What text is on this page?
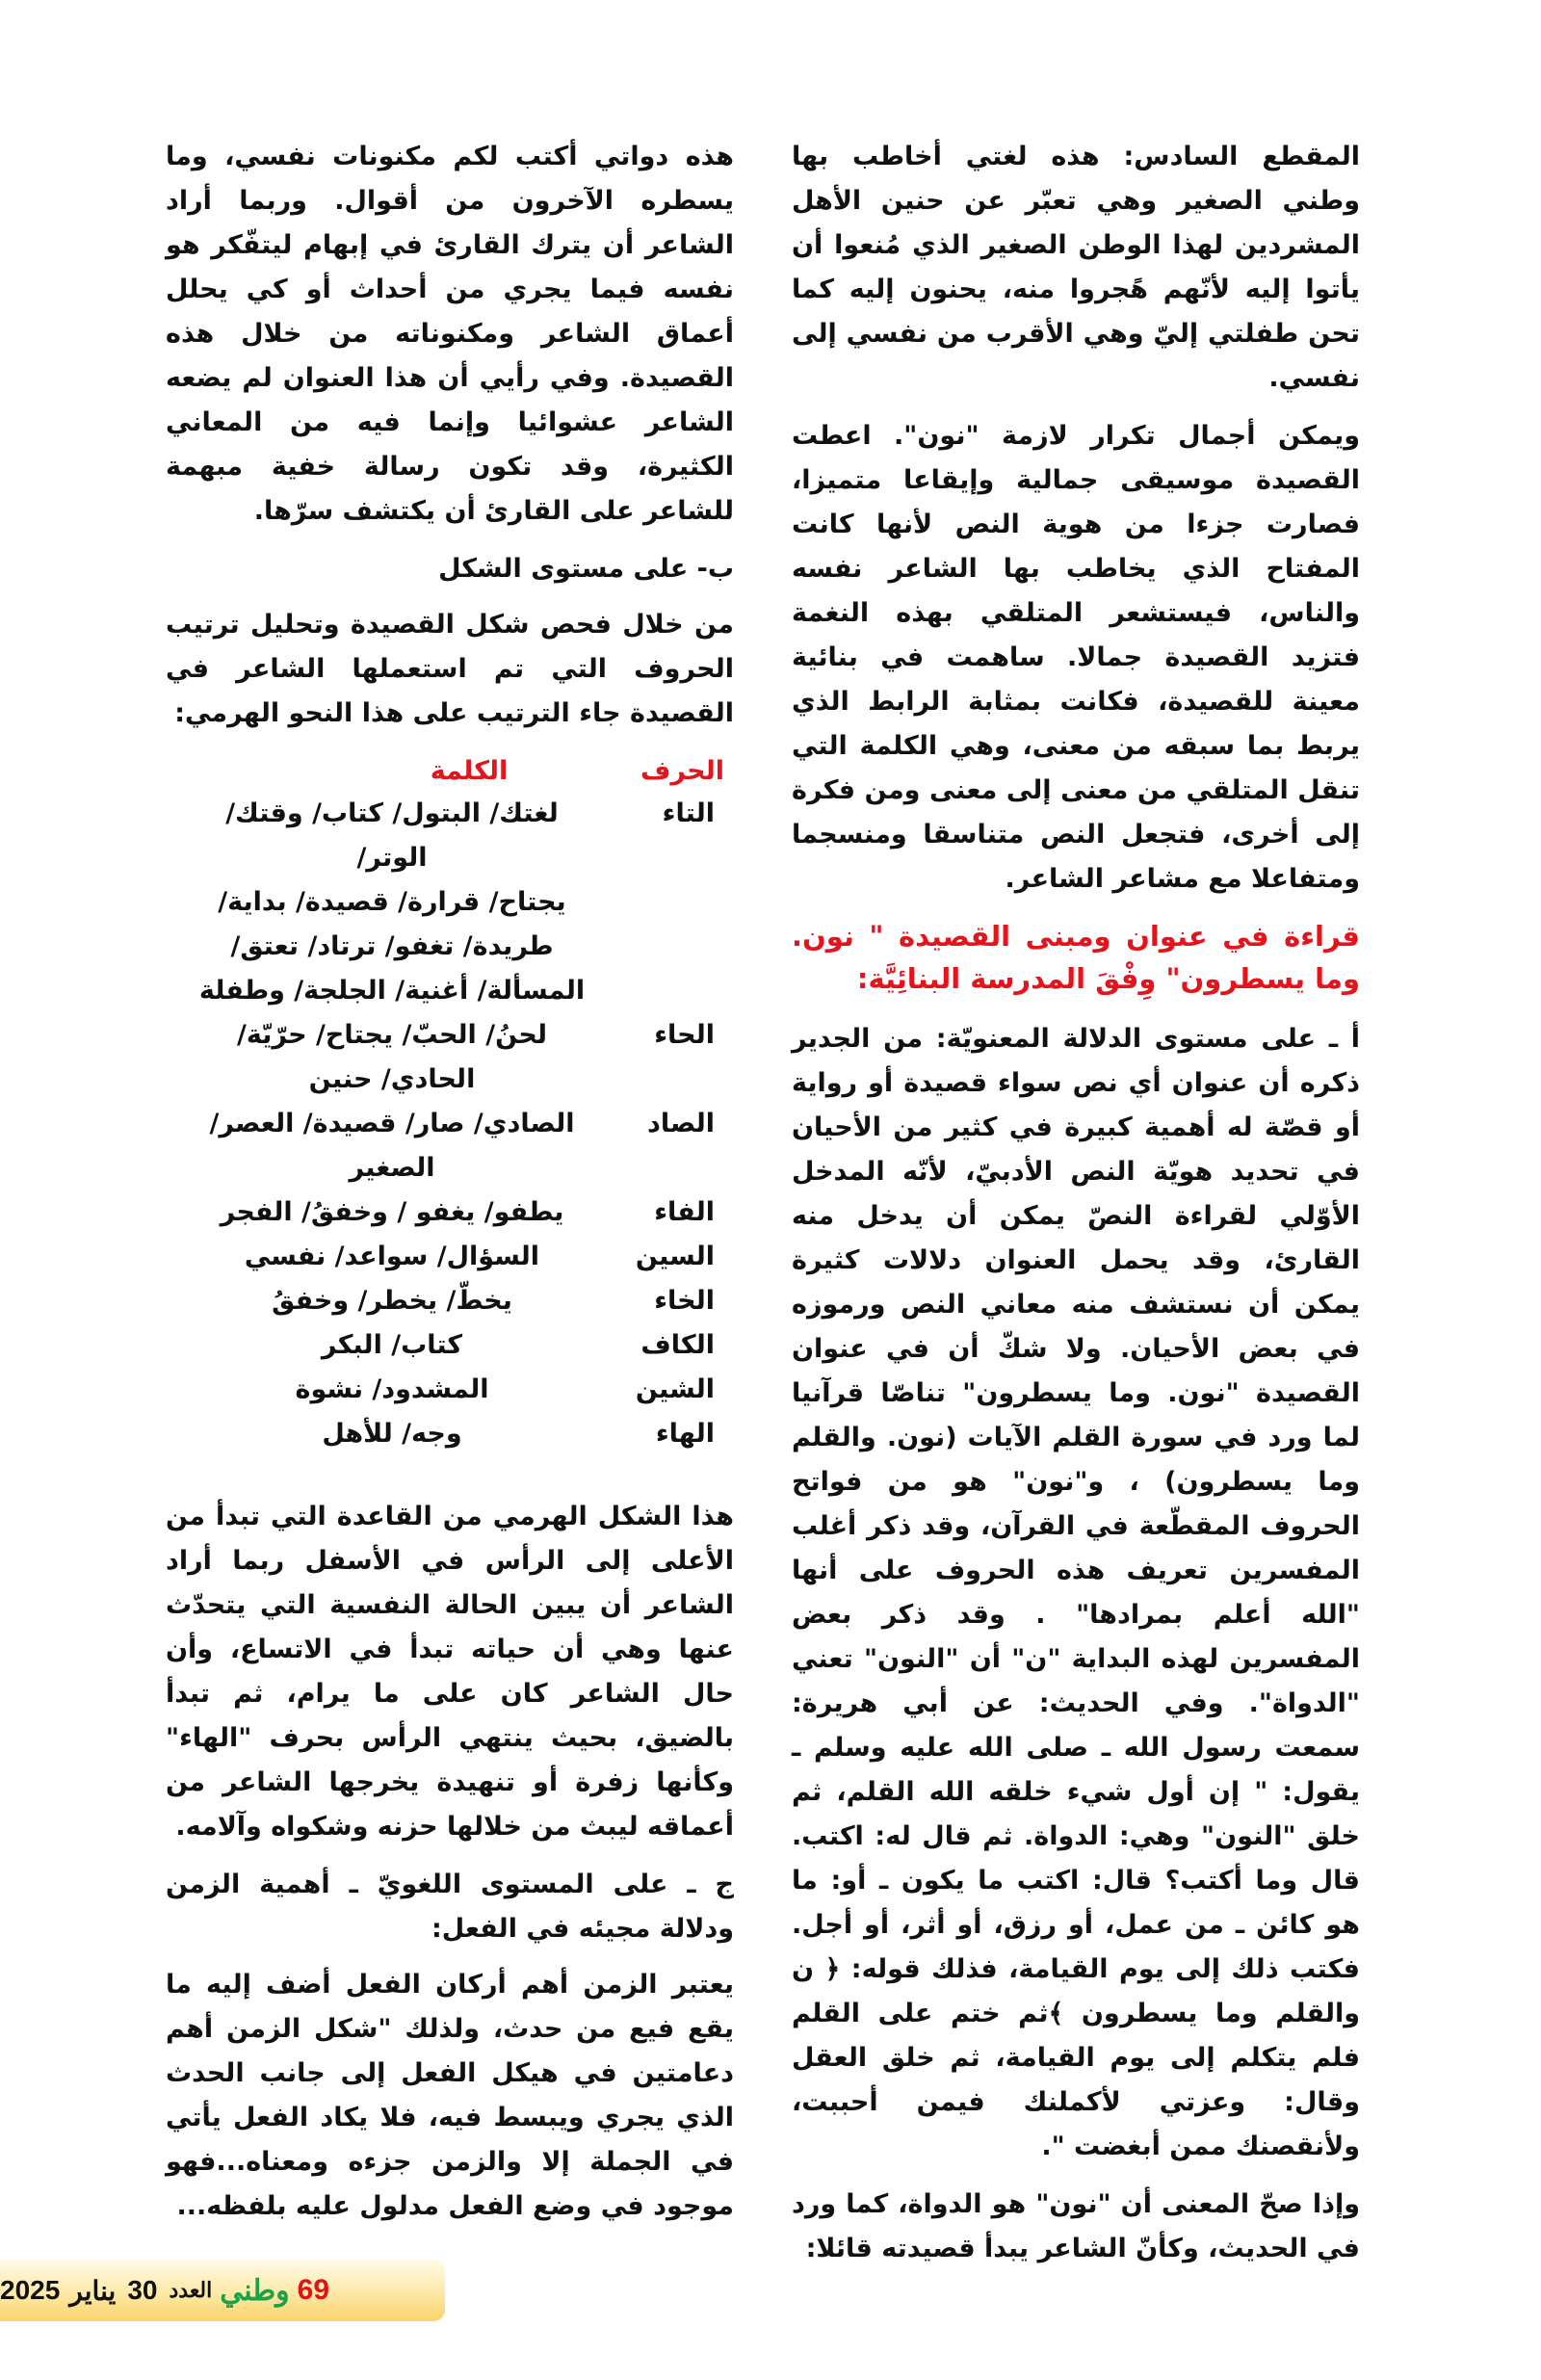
المقطع السادس: هذه لغتي أخاطب بها وطني الصغير وهي تعبّر عن حنين الأهل المشردين لهذا الوطن الصغير الذي مُنعوا أن يأتوا إليه لأنّهم هًجروا منه، يحنون إليه كما تحن طفلتي إليّ وهي الأقرب من نفسي إلى نفسي.

ويمكن أجمال تكرار لازمة "نون". اعطت القصيدة موسيقى جمالية وإيقاعا متميزا، فصارت جزءا من هوية النص لأنها كانت المفتاح الذي يخاطب بها الشاعر نفسه والناس، فيستشعر المتلقي بهذه النغمة فتزيد القصيدة جمالا. ساهمت في بنائية معينة للقصيدة، فكانت بمثابة الرابط الذي يربط بما سبقه من معنى، وهي الكلمة التي تنقل المتلقي من معنى إلى معنى ومن فكرة إلى أخرى، فتجعل النص متناسقا ومنسجما ومتفاعلا مع مشاعر الشاعر.

قراءة في عنوان ومبنى القصيدة " نون. وما يسطرون" وِفْقَ المدرسة البنائِيَّة:

أ ـ على مستوى الدلالة المعنويّة: من الجدير ذكره أن عنوان أي نص سواء قصيدة أو رواية أو قصّة له أهمية كبيرة في كثير من الأحيان في تحديد هويّة النص الأدبيّ، لأنّه المدخل الأوّلي لقراءة النصّ يمكن أن يدخل منه القارئ، وقد يحمل العنوان دلالات كثيرة يمكن أن نستشف منه معاني النص ورموزه في بعض الأحيان. ولا شكّ أن في عنوان القصيدة "نون. وما يسطرون" تناصّا قرآنيا لما ورد في سورة القلم الآيات (نون. والقلم وما يسطرون) ، و"نون" هو من فواتح الحروف المقطّعة في القرآن، وقد ذكر أغلب المفسرين تعريف هذه الحروف على أنها "الله أعلم بمرادها" . وقد ذكر بعض المفسرين لهذه البداية "ن" أن "النون" تعني "الدواة". وفي الحديث: عن أبي هريرة: سمعت رسول الله ـ صلى الله عليه وسلم ـ يقول: " إن أول شيء خلقه الله القلم، ثم خلق "النون" وهي: الدواة. ثم قال له: اكتب. قال وما أكتب؟ قال: اكتب ما يكون ـ أو: ما هو كائن ـ من عمل، أو رزق، أو أثر، أو أجل. فكتب ذلك إلى يوم القيامة، فذلك قوله: ﴿ ن والقلم وما يسطرون ﴾ثم ختم على القلم فلم يتكلم إلى يوم القيامة، ثم خلق العقل وقال: وعزتي لأكملنك فيمن أحببت، ولأنقصنك ممن أبغضت ".

وإذا صحّ المعنى أن "نون" هو الدواة، كما ورد في الحديث، وكأنّ الشاعر يبدأ قصيدته قائلا:

هذه دواتي أكتب لكم مكنونات نفسي، وما يسطره الآخرون من أقوال. وربما أراد الشاعر أن يترك القارئ في إبهام ليتفّكر هو نفسه فيما يجري من أحداث أو كي يحلل أعماق الشاعر ومكنوناته من خلال هذه القصيدة. وفي رأيي أن هذا العنوان لم يضعه الشاعر عشوائيا وإنما فيه من المعاني الكثيرة، وقد تكون رسالة خفية مبهمة للشاعر على القارئ أن يكتشف سرّها.

ب- على مستوى الشكل

من خلال فحص شكل القصيدة وتحليل ترتيب الحروف التي تم استعملها الشاعر في القصيدة جاء الترتيب على هذا النحو الهرمي:

الحرف
الكلمة
التاء
لغتك/ البتول/ كتاب/ وقتك/ الوتر/
يجتاح/ قرارة/ قصيدة/ بداية/
طريدة/ تغفو/ ترتاد/ تعتق/
المسألة/ أغنية/ الجلجة/ وطفلة
الحاء
لحنُ/ الحبّ/ يجتاح/ حرّيّة/
الحادي/ حنين
الصاد
الصادي/ صار/ قصيدة/ العصر/
الصغير
الفاء
يطفو/ يغفو / وخفقُ/ الفجر
السين
السؤال/ سواعد/ نفسي
الخاء
يخطّ/ يخطر/ وخفقُ
الكاف
كتاب/ البكر
الشين
المشدود/ نشوة
الهاء
وجه/ للأهل

هذا الشكل الهرمي من القاعدة التي تبدأ من الأعلى إلى الرأس في الأسفل ربما أراد الشاعر أن يبين الحالة النفسية التي يتحدّث عنها وهي أن حياته تبدأ في الاتساع، وأن حال الشاعر كان على ما يرام، ثم تبدأ بالضيق، بحيث ينتهي الرأس بحرف "الهاء" وكأنها زفرة أو تنهيدة يخرجها الشاعر من أعماقه ليبث من خلالها حزنه وشكواه وآلامه.

ج ـ على المستوى اللغويّ ـ أهمية الزمن ودلالة مجيئه في الفعل:

يعتبر الزمن أهم أركان الفعل أضف إليه ما يقع فيع من حدث، ولذلك "شكل الزمن أهم دعامتين في هيكل الفعل إلى جانب الحدث الذي يجري ويبسط فيه، فلا يكاد الفعل يأتي في الجملة إلا والزمن جزءه ومعناه...فهو موجود في وضع الفعل مدلول عليه بلفظه...

69
وطني
العدد
30
يناير
2025
